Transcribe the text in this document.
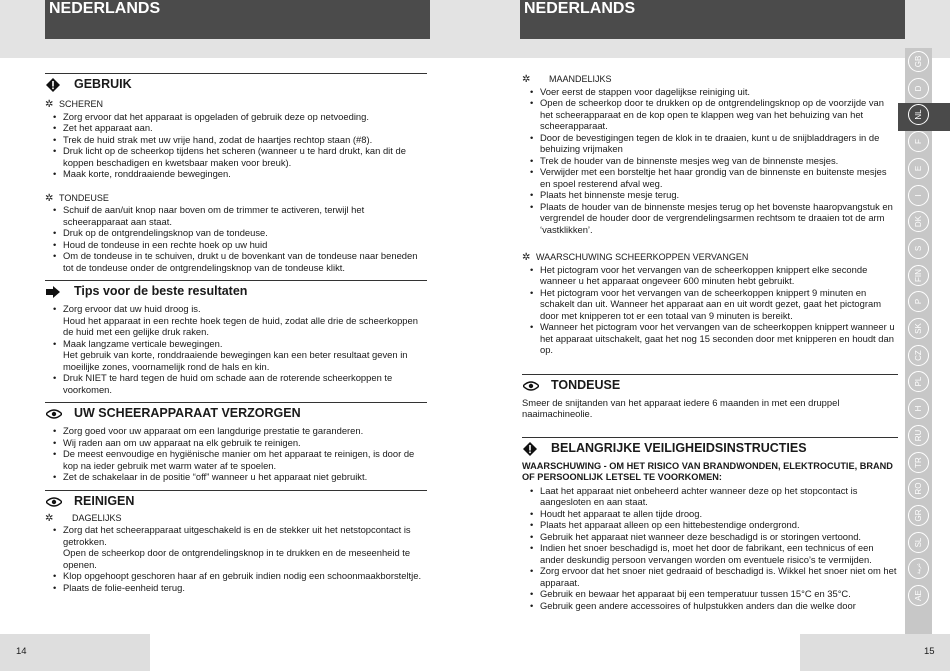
NEDERLANDS	NEDERLANDS
GEBRUIK
✲ SCHEREN
• Zorg ervoor dat het apparaat is opgeladen of gebruik deze op netvoeding.
• Zet het apparaat aan.
• Trek de huid strak met uw vrije hand, zodat de haartjes rechtop staan (#8).
• Druk licht op de scheerkop tijdens het scheren (wanneer u te hard drukt, kan dit de koppen beschadigen en kwetsbaar maken voor breuk).
• Maak korte, ronddraaiende bewegingen.
✲ TONDEUSE
• Schuif de aan/uit knop naar boven om de trimmer te activeren, terwijl het scheerapparaat aan staat.
• Druk op de ontgrendelingsknop van de tondeuse.
• Houd de tondeuse in een rechte hoek op uw huid
• Om de tondeuse in te schuiven, drukt u de bovenkant van de tondeuse naar beneden tot de tondeuse onder de ontgrendelingsknop van de tondeuse klikt.
Tips voor de beste resultaten
• Zorg ervoor dat uw huid droog is.
Houd het apparaat in een rechte hoek tegen de huid, zodat alle drie de scheerkoppen de huid met een gelijke druk raken.
• Maak langzame verticale bewegingen.
Het gebruik van korte, ronddraaiende bewegingen kan een beter resultaat geven in moeilijke zones, voornamelijk rond de hals en kin.
• Druk NIET te hard tegen de huid om schade aan de roterende scheerkoppen te voorkomen.
UW SCHEERAPPARAAT VERZORGEN
• Zorg goed voor uw apparaat om een langdurige prestatie te garanderen.
• Wij raden aan om uw apparaat na elk gebruik te reinigen.
• De meest eenvoudige en hygiënische manier om het apparaat te reinigen, is door de kop na ieder gebruik met warm water af te spoelen.
• Zet de schakelaar in de positie “off” wanneer u het apparaat niet gebruikt.
REINIGEN
✲	DAGELIJKS
• Zorg dat het scheerapparaat uitgeschakeld is en de stekker uit het netstopcontact is getrokken.
Open de scheerkop door de ontgrendelingsknop in te drukken en de meseenheid te openen.
• Klop opgehoopt geschoren haar af en gebruik indien nodig een schoonmaakborsteltje.
• Plaats de folie-eenheid terug.
✲	MAANDELIJKS
• Voer eerst de stappen voor dagelijkse reiniging uit.
• Open de scheerkop door te drukken op de ontgrendelingsknop op de voorzijde van het scheerapparaat en de kop open te klappen weg van het behuizing van het scheerapparaat.
• Door de bevestigingen tegen de klok in te draaien, kunt u de snijbladdragers in de behuizing vrijmaken
• Trek de houder van de binnenste mesjes weg van de binnenste mesjes.
• Verwijder met een borsteltje het haar grondig van de binnenste en buitenste mesjes en spoel resterend afval weg.
• Plaats het binnenste mesje terug.
• Plaats de houder van de binnenste mesjes terug op het bovenste haaropvangstuk en vergrendel de houder door de vergrendelingsarmen rechtsom te draaien tot de arm ‘vastklikken’.
✲ WAARSCHUWING SCHEERKOPPEN VERVANGEN
• Het pictogram voor het vervangen van de scheerkoppen knippert elke seconde wanneer u het apparaat ongeveer 600 minuten hebt gebruikt.
• Het pictogram voor het vervangen van de scheerkoppen knippert 9 minuten en schakelt dan uit. Wanneer het apparaat aan en uit wordt gezet, gaat het pictogram door met knipperen tot er een totaal van 9 minuten is bereikt.
• Wanneer het pictogram voor het vervangen van de scheerkoppen knippert wanneer u het apparaat uitschakelt, gaat het nog 15 seconden door met knipperen en houdt dan op.
TONDEUSE
Smeer de snijtanden van het apparaat iedere 6 maanden in met een druppel naaimachineolie.
BELANGRIJKE VEILIGHEIDSINSTRUCTIES
WAARSCHUWING - OM HET RISICO VAN BRANDWONDEN, ELEKTROCUTIE, BRAND OF PERSOONLIJK LETSEL TE VOORKOMEN:
• Laat het apparaat niet onbeheerd achter wanneer deze op het stopcontact is aangesloten en aan staat.
• Houdt het apparaat te allen tijde droog.
• Plaats het apparaat alleen op een hittebestendige ondergrond.
• Gebruik het apparaat niet wanneer deze beschadigd is or storingen vertoond.
• Indien het snoer beschadigd is, moet het door de fabrikant, een technicus of een ander deskundig persoon vervangen worden om eventuele risico’s te vermijden.
• Zorg ervoor dat het snoer niet gedraaid of beschadigd is. Wikkel het snoer niet om het apparaat.
• Gebruik en bewaar het apparaat bij een temperatuur tussen 15°C en 35°C.
• Gebruik geen andere accessoires of hulpstukken anders dan die welke door
GB
D
NL
F
E
I
DK
S
FIN
P
SK
CZ
PL
H
RU
TR
RO
GR
SL
عربية
AE
14	15
